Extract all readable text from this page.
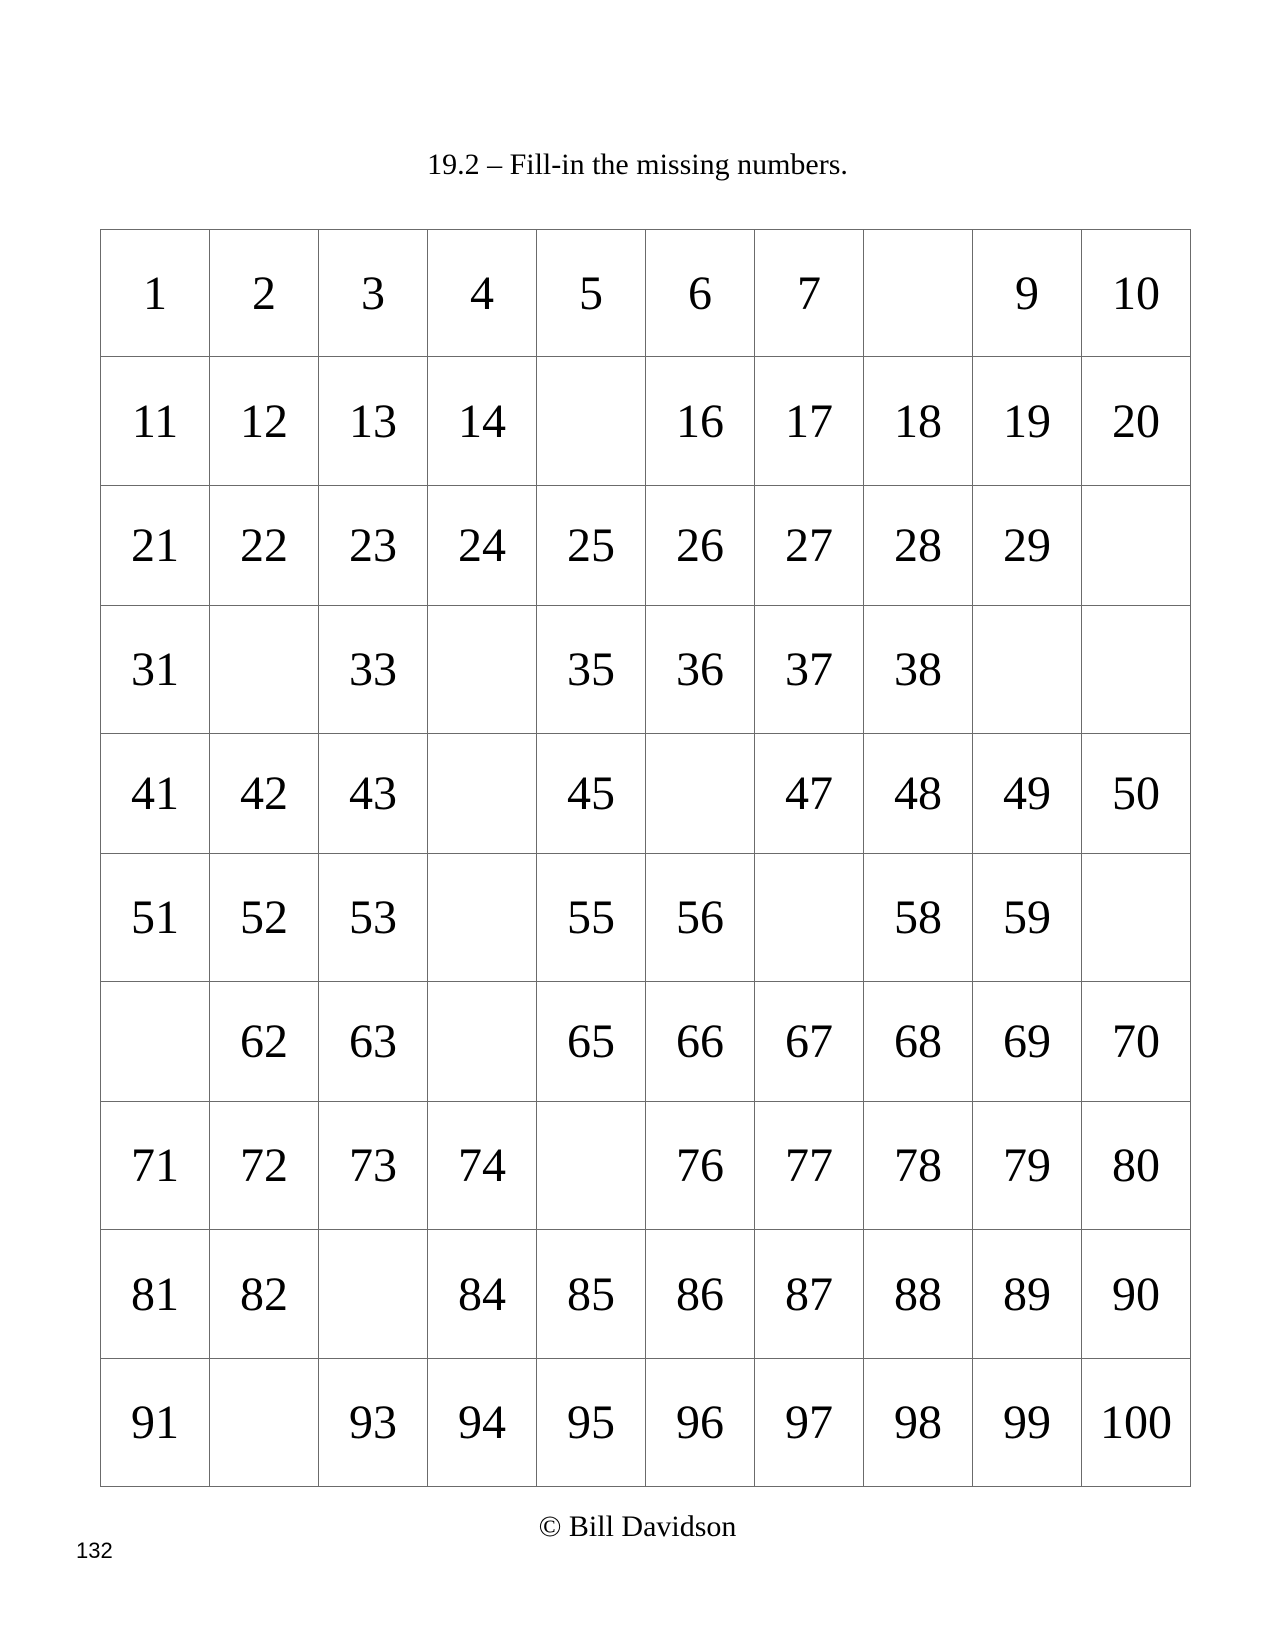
19.2 – Fill-in the missing numbers.
1	2	3	4	5	6	7		9	10
11	12	13	14		16	17	18	19	20
21	22	23	24	25	26	27	28	29	
31		33		35	36	37	38		
41	42	43		45		47	48	49	50
51	52	53		55	56		58	59	
	62	63		65	66	67	68	69	70
71	72	73	74		76	77	78	79	80
81	82		84	85	86	87	88	89	90
91		93	94	95	96	97	98	99	100
© Bill Davidson
132
